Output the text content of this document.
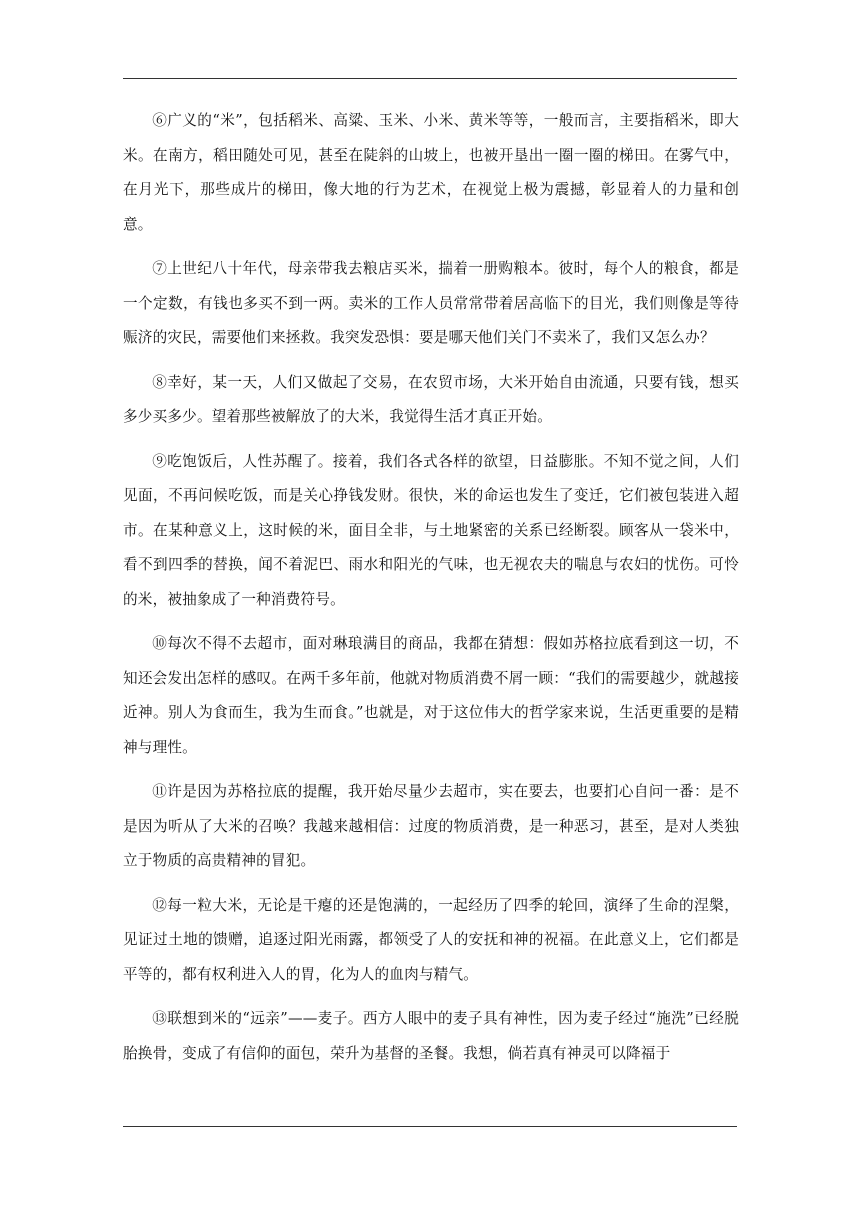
⑥广义的“米”，包括稻米、高粱、玉米、小米、黄米等等，一般而言，主要指稻米，即大米。在南方，稻田随处可见，甚至在陡斜的山坡上，也被开垦出一圈一圈的梯田。在雾气中，在月光下，那些成片的梯田，像大地的行为艺术，在视觉上极为震撼，彰显着人的力量和创意。

⑦上世纪八十年代，母亲带我去粮店买米，揣着一册购粮本。彼时，每个人的粮食，都是一个定数，有钱也多买不到一两。卖米的工作人员常常带着居高临下的目光，我们则像是等待赈济的灾民，需要他们来拯救。我突发恐惧：要是哪天他们关门不卖米了，我们又怎么办？

⑧幸好，某一天，人们又做起了交易，在农贸市场，大米开始自由流通，只要有钱，想买多少买多少。望着那些被解放了的大米，我觉得生活才真正开始。

⑨吃饱饭后，人性苏醒了。接着，我们各式各样的欲望，日益膨胀。不知不觉之间，人们见面，不再问候吃饭，而是关心挣钱发财。很快，米的命运也发生了变迁，它们被包装进入超市。在某种意义上，这时候的米，面目全非，与土地紧密的关系已经断裂。顾客从一袋米中，看不到四季的替换，闻不着泥巴、雨水和阳光的气味，也无视农夫的喘息与农妇的忧伤。可怜的米，被抽象成了一种消费符号。

⑩每次不得不去超市，面对琳琅满目的商品，我都在猜想：假如苏格拉底看到这一切，不知还会发出怎样的感叹。在两千多年前，他就对物质消费不屑一顾：“我们的需要越少，就越接近神。别人为食而生，我为生而食。”也就是，对于这位伟大的哲学家来说，生活更重要的是精神与理性。

⑪许是因为苏格拉底的提醒，我开始尽量少去超市，实在要去，也要扪心自问一番：是不是因为听从了大米的召唤？我越来越相信：过度的物质消费，是一种恶习，甚至，是对人类独立于物质的高贵精神的冒犯。

⑫每一粒大米，无论是干瘪的还是饱满的，一起经历了四季的轮回，演绎了生命的涅槃，见证过土地的馈赠，追逐过阳光雨露，都领受了人的安抚和神的祝福。在此意义上，它们都是平等的，都有权利进入人的胃，化为人的血肉与精气。

⑬联想到米的“远亲”——麦子。西方人眼中的麦子具有神性，因为麦子经过“施洗”已经脱胎换骨，变成了有信仰的面包，荣升为基督的圣餐。我想，倘若真有神灵可以降福于
